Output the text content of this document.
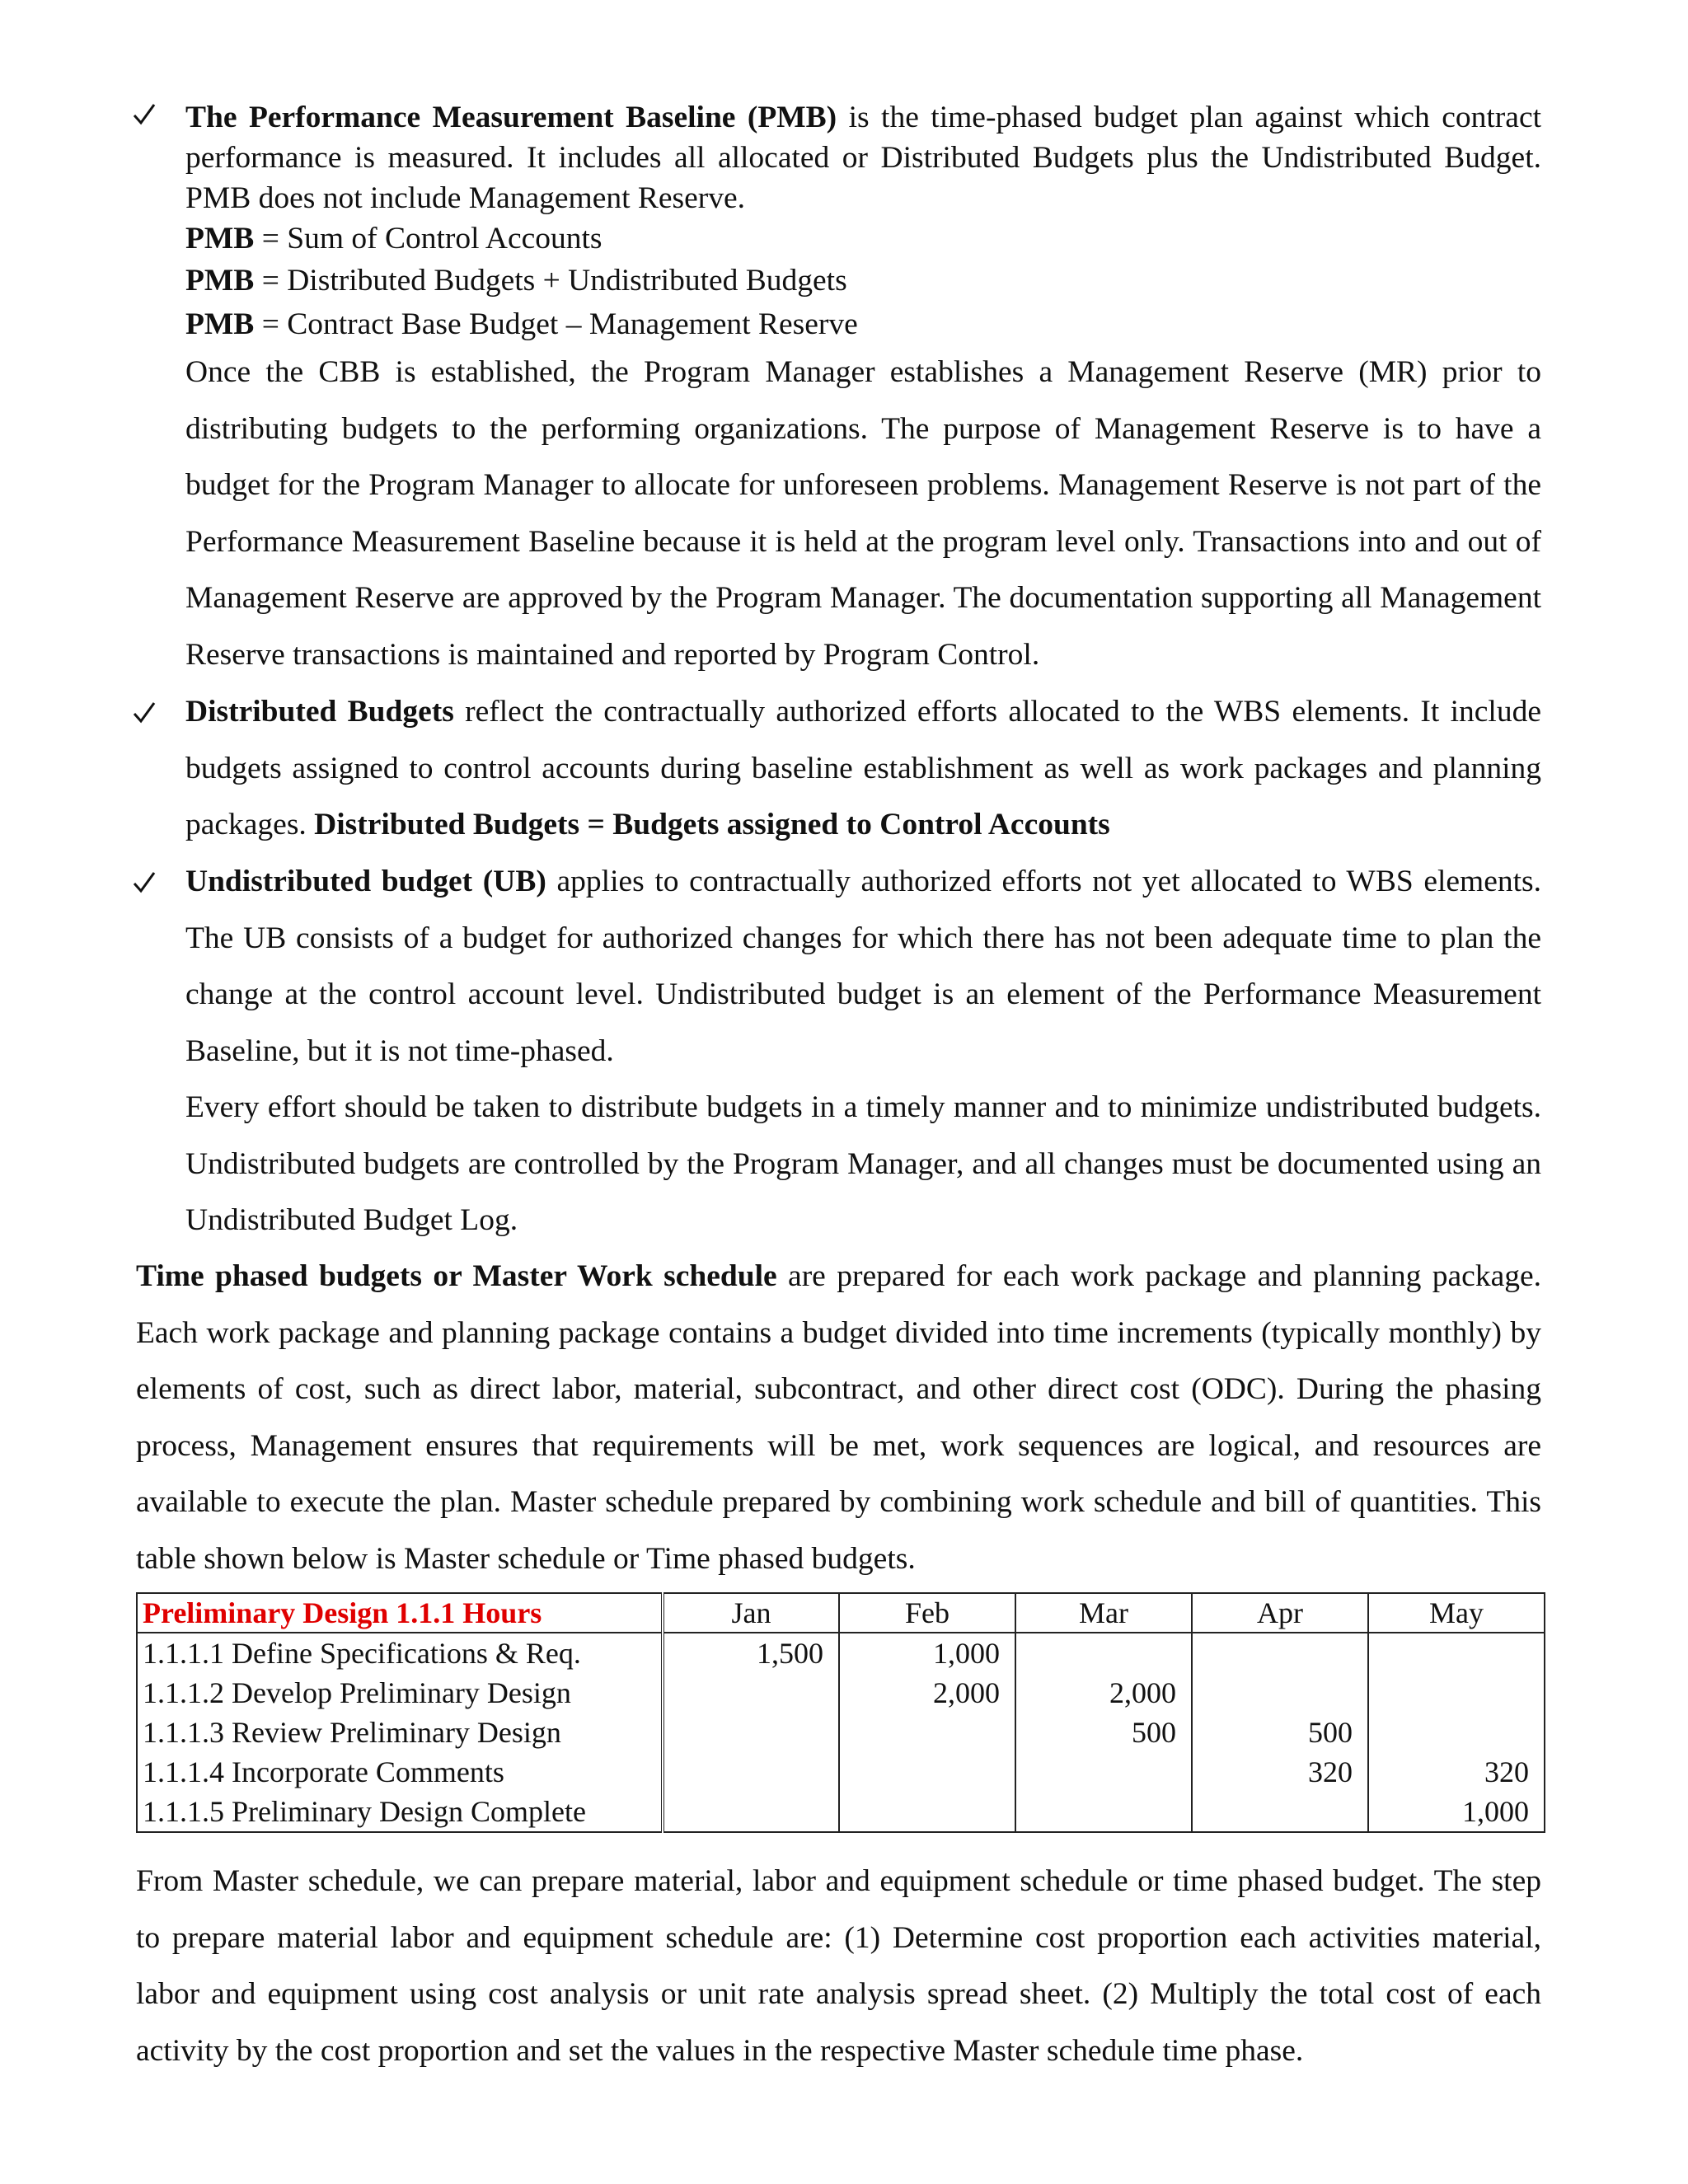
The Performance Measurement Baseline (PMB) is the time-phased budget plan against which contract performance is measured. It includes all allocated or Distributed Budgets plus the Undistributed Budget. PMB does not include Management Reserve.

PMB = Sum of Control Accounts

PMB = Distributed Budgets + Undistributed Budgets

PMB = Contract Base Budget – Management Reserve

Once the CBB is established, the Program Manager establishes a Management Reserve (MR) prior to distributing budgets to the performing organizations. The purpose of Management Reserve is to have a budget for the Program Manager to allocate for unforeseen problems. Management Reserve is not part of the Performance Measurement Baseline because it is held at the program level only. Transactions into and out of Management Reserve are approved by the Program Manager. The documentation supporting all Management Reserve transactions is maintained and reported by Program Control.

Distributed Budgets reflect the contractually authorized efforts allocated to the WBS elements. It include budgets assigned to control accounts during baseline establishment as well as work packages and planning packages. Distributed Budgets = Budgets assigned to Control Accounts

Undistributed budget (UB) applies to contractually authorized efforts not yet allocated to WBS elements. The UB consists of a budget for authorized changes for which there has not been adequate time to plan the change at the control account level. Undistributed budget is an element of the Performance Measurement Baseline, but it is not time-phased.

Every effort should be taken to distribute budgets in a timely manner and to minimize undistributed budgets. Undistributed budgets are controlled by the Program Manager, and all changes must be documented using an Undistributed Budget Log.

Time phased budgets or Master Work schedule are prepared for each work package and planning package. Each work package and planning package contains a budget divided into time increments (typically monthly) by elements of cost, such as direct labor, material, subcontract, and other direct cost (ODC). During the phasing process, Management ensures that requirements will be met, work sequences are logical, and resources are available to execute the plan. Master schedule prepared by combining work schedule and bill of quantities. This table shown below is Master schedule or Time phased budgets.

Preliminary Design 1.1.1 Hours	Jan	Feb	Mar	Apr	May
1.1.1.1 Define Specifications & Req.	1,500	1,000			
1.1.1.2 Develop Preliminary Design		2,000	2,000		
1.1.1.3 Review Preliminary Design			500	500	
1.1.1.4 Incorporate Comments				320	320
1.1.1.5 Preliminary Design Complete					1,000

From Master schedule, we can prepare material, labor and equipment schedule or time phased budget. The step to prepare material labor and equipment schedule are: (1) Determine cost proportion each activities material, labor and equipment using cost analysis or unit rate analysis spread sheet. (2) Multiply the total cost of each activity by the cost proportion and set the values in the respective Master schedule time phase.
